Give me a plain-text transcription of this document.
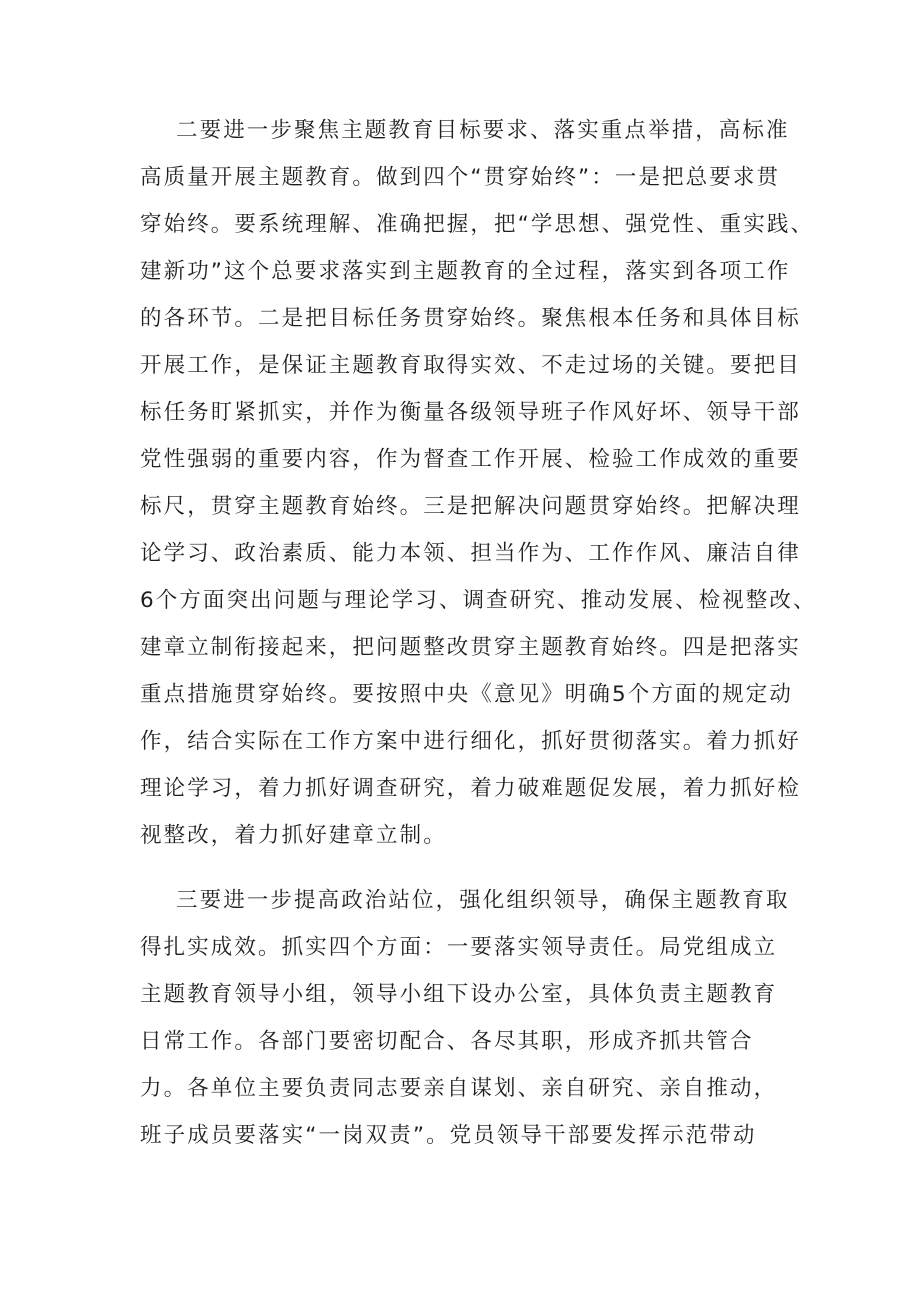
二要进一步聚焦主题教育目标要求、落实重点举措，高标准
高质量开展主题教育。做到四个“贯穿始终”：一是把总要求贯
穿始终。要系统理解、准确把握，把“学思想、强党性、重实践、
建新功”这个总要求落实到主题教育的全过程，落实到各项工作
的各环节。二是把目标任务贯穿始终。聚焦根本任务和具体目标
开展工作，是保证主题教育取得实效、不走过场的关键。要把目
标任务盯紧抓实，并作为衡量各级领导班子作风好坏、领导干部
党性强弱的重要内容，作为督查工作开展、检验工作成效的重要
标尺，贯穿主题教育始终。三是把解决问题贯穿始终。把解决理
论学习、政治素质、能力本领、担当作为、工作作风、廉洁自律
6个方面突出问题与理论学习、调查研究、推动发展、检视整改、
建章立制衔接起来，把问题整改贯穿主题教育始终。四是把落实
重点措施贯穿始终。要按照中央《意见》明确5个方面的规定动
作，结合实际在工作方案中进行细化，抓好贯彻落实。着力抓好
理论学习，着力抓好调查研究，着力破难题促发展，着力抓好检
视整改，着力抓好建章立制。
三要进一步提高政治站位，强化组织领导，确保主题教育取
得扎实成效。抓实四个方面：一要落实领导责任。局党组成立
主题教育领导小组，领导小组下设办公室，具体负责主题教育
日常工作。各部门要密切配合、各尽其职，形成齐抓共管合
力。各单位主要负责同志要亲自谋划、亲自研究、亲自推动，
班子成员要落实“一岗双责”。党员领导干部要发挥示范带动
